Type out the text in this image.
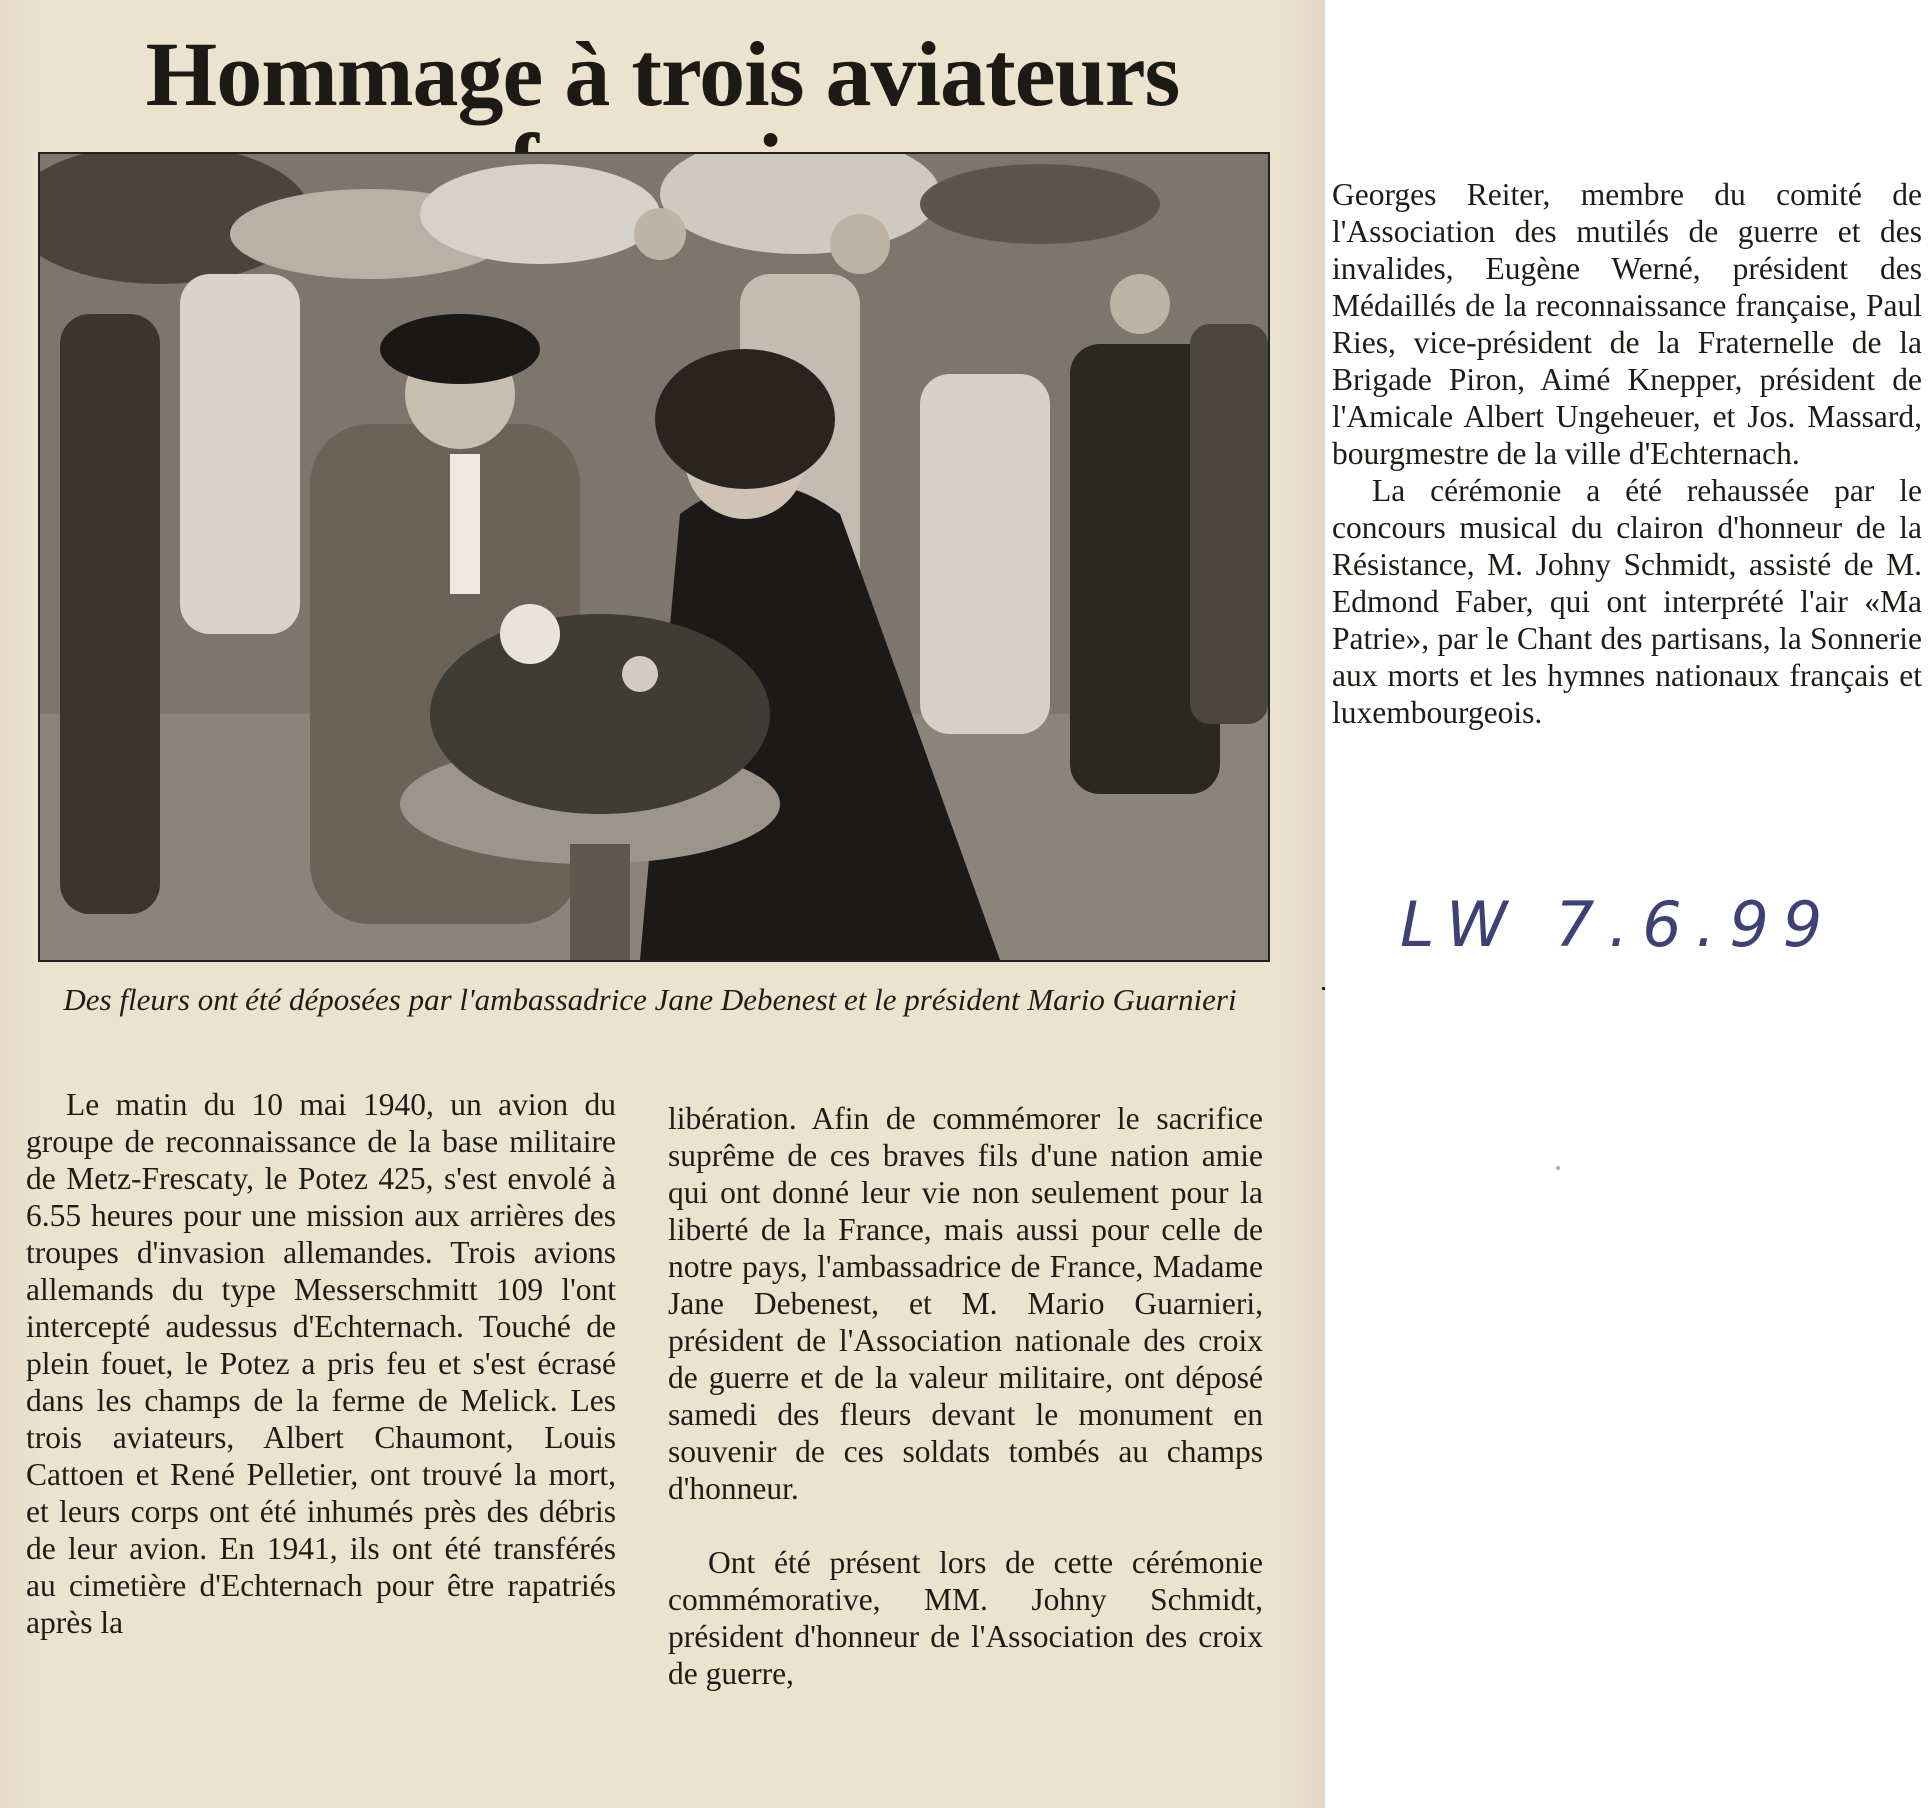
Hommage à trois aviateurs

Des fleurs ont été déposées par l'ambassadrice Jane Debenest et le président Mario Guarnieri

Le matin du 10 mai 1940, un avion du groupe de reconnaissance de la base militaire de Metz-Frescaty, le Potez 425, s'est envolé à 6.55 heures pour une mission aux arrières des troupes d'invasion allemandes. Trois avions allemands du type Messerschmitt 109 l'ont intercepté audessus d'Echternach. Touché de plein fouet, le Potez a pris feu et s'est écrasé dans les champs de la ferme de Melick. Les trois aviateurs, Albert Chaumont, Louis Cattoen et René Pelletier, ont trouvé la mort, et leurs corps ont été inhumés près des débris de leur avion. En 1941, ils ont été transférés au cimetière d'Echternach pour être rapatriés après la

libération. Afin de commémorer le sacrifice suprême de ces braves fils d'une nation amie qui ont donné leur vie non seulement pour la liberté de la France, mais aussi pour celle de notre pays, l'ambassadrice de France, Madame Jane Debenest, et M. Mario Guarnieri, président de l'Association nationale des croix de guerre et de la valeur militaire, ont déposé samedi des fleurs devant le monument en souvenir de ces soldats tombés au champs d'honneur.

Ont été présent lors de cette cérémonie commémorative, MM. Johny Schmidt, président d'honneur de l'Association des croix de guerre,

Georges Reiter, membre du comité de l'Association des mutilés de guerre et des invalides, Eugène Werné, président des Médaillés de la reconnaissance française, Paul Ries, vice-président de la Fraternelle de la Brigade Piron, Aimé Knepper, président de l'Amicale Albert Ungeheuer, et Jos. Massard, bourgmestre de la ville d'Echternach.

La cérémonie a été rehaussée par le concours musical du clairon d'honneur de la Résistance, M. Johny Schmidt, assisté de M. Edmond Faber, qui ont interprété l'air «Ma Patrie», par le Chant des partisans, la Sonnerie aux morts et les hymnes nationaux français et luxembourgeois.

LW 7.6.99
